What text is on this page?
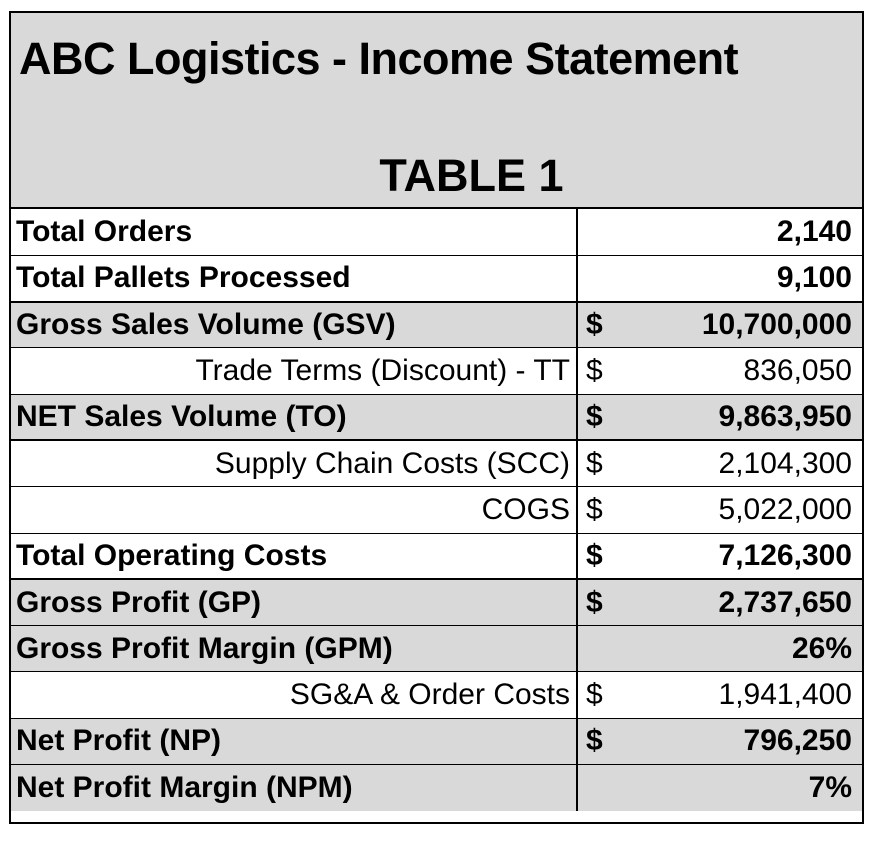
ABC Logistics - Income Statement
TABLE 1
Total Orders		2,140
Total Pallets Processed		9,100
Gross Sales Volume (GSV)	$	10,700,000
Trade Terms (Discount) - TT	$	836,050
NET Sales Volume (TO)	$	9,863,950
Supply Chain Costs (SCC)	$	2,104,300
COGS	$	5,022,000
Total Operating Costs	$	7,126,300
Gross Profit (GP)	$	2,737,650
Gross Profit Margin (GPM)		26%
SG&A & Order Costs	$	1,941,400
Net Profit (NP)	$	796,250
Net Profit Margin (NPM)		7%
